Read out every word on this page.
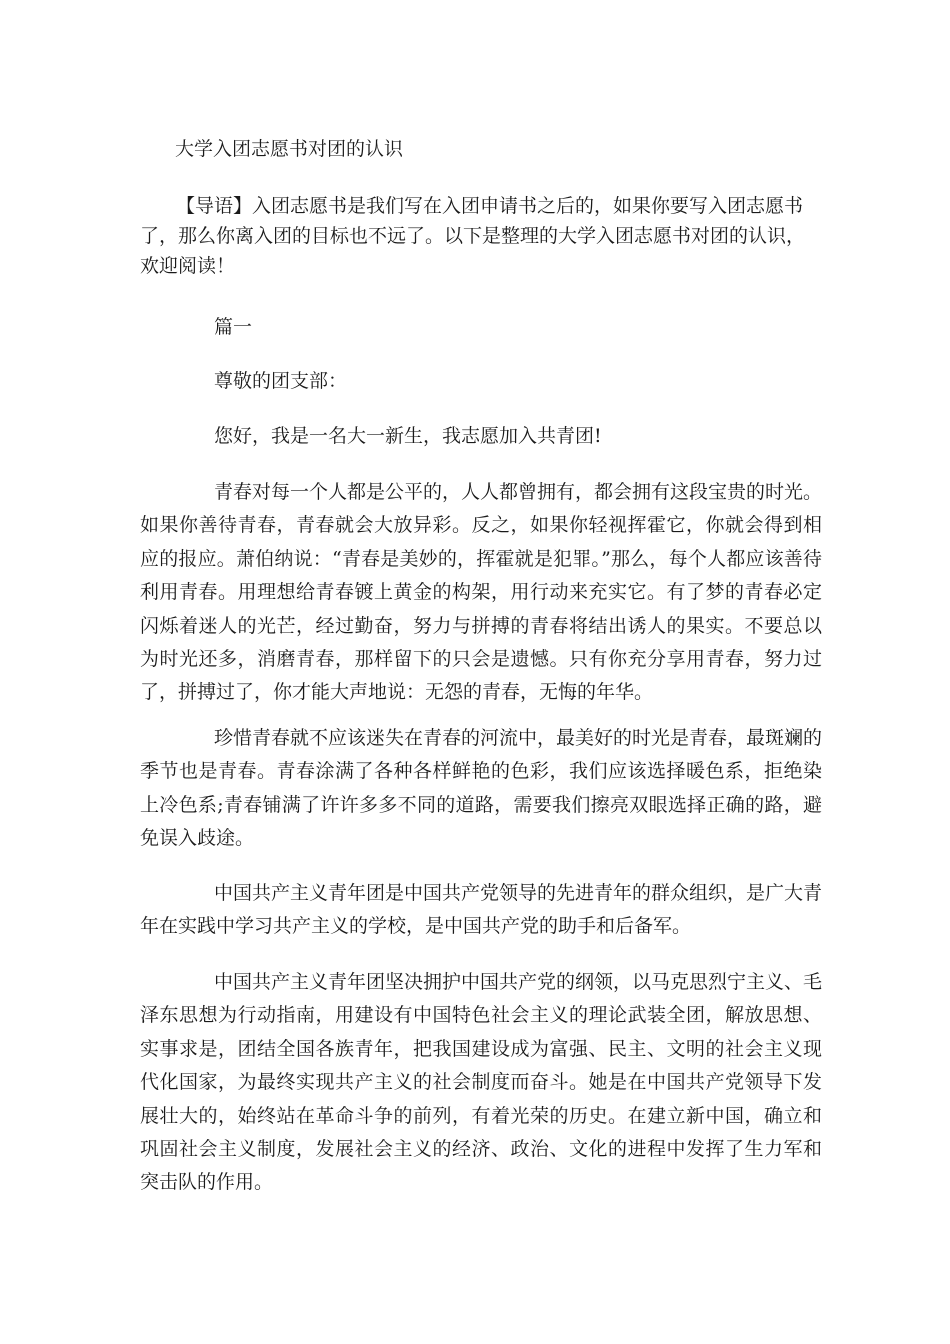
大学入团志愿书对团的认识

【导语】入团志愿书是我们写在入团申请书之后的，如果你要写入团志愿书了，那么你离入团的目标也不远了。以下是整理的大学入团志愿书对团的认识，欢迎阅读！

篇一
尊敬的团支部：
您好，我是一名大一新生，我志愿加入共青团!

青春对每一个人都是公平的，人人都曾拥有，都会拥有这段宝贵的时光。如果你善待青春，青春就会大放异彩。反之，如果你轻视挥霍它，你就会得到相应的报应。萧伯纳说：“青春是美妙的，挥霍就是犯罪。”那么，每个人都应该善待利用青春。用理想给青春镀上黄金的构架，用行动来充实它。有了梦的青春必定闪烁着迷人的光芒，经过勤奋，努力与拼搏的青春将结出诱人的果实。不要总以为时光还多，消磨青春，那样留下的只会是遗憾。只有你充分享用青春，努力过了，拼搏过了，你才能大声地说：无怨的青春，无悔的年华。

珍惜青春就不应该迷失在青春的河流中，最美好的时光是青春，最斑斓的季节也是青春。青春涂满了各种各样鲜艳的色彩，我们应该选择暖色系，拒绝染上冷色系;青春铺满了许许多多不同的道路，需要我们擦亮双眼选择正确的路，避免误入歧途。

中国共产主义青年团是中国共产党领导的先进青年的群众组织，是广大青年在实践中学习共产主义的学校，是中国共产党的助手和后备军。

中国共产主义青年团坚决拥护中国共产党的纲领，以马克思烈宁主义、毛泽东思想为行动指南，用建设有中国特色社会主义的理论武装全团，解放思想、实事求是，团结全国各族青年，把我国建设成为富强、民主、文明的社会主义现代化国家，为最终实现共产主义的社会制度而奋斗。她是在中国共产党领导下发展壮大的，始终站在革命斗争的前列，有着光荣的历史。在建立新中国，确立和巩固社会主义制度，发展社会主义的经济、政治、文化的进程中发挥了生力军和突击队的作用。
